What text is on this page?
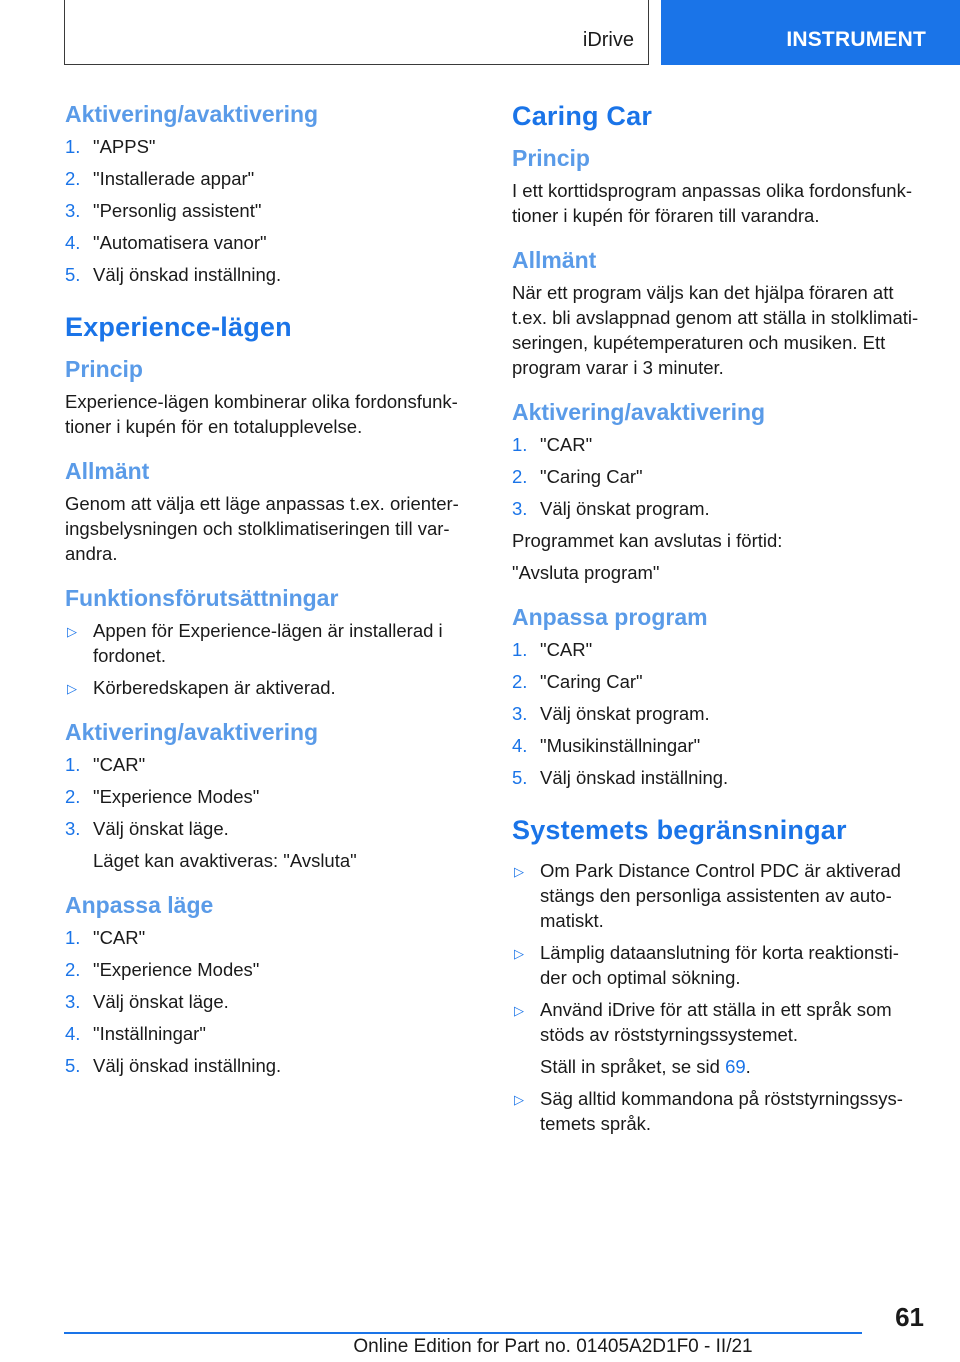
iDrive	INSTRUMENT
Aktivering/avaktivering
1. "APPS"
2. "Installerade appar"
3. "Personlig assistent"
4. "Automatisera vanor"
5. Välj önskad inställning.
Experience-lägen
Princip

Experience-lägen kombinerar olika fordonsfunk- tioner i kupén för en totalupplevelse.

Allmänt

Genom att välja ett läge anpassas t.ex. orienter- ingsbelysningen och stolklimatiseringen till var- andra.

Funktionsförutsättningar
▷ Appen för Experience-lägen är installerad i fordonet.
▷ Körberedskapen är aktiverad.
Aktivering/avaktivering
1. "CAR"
2. "Experience Modes"
3. Välj önskat läge.
Läget kan avaktiveras: "Avsluta"
Anpassa läge
1. "CAR"
2. "Experience Modes"
3. Välj önskat läge.
4. "Inställningar"
5. Välj önskad inställning.
Caring Car
Princip

I ett korttidsprogram anpassas olika fordonsfunk- tioner i kupén för föraren till varandra.

Allmänt

När ett program väljs kan det hjälpa föraren att t.ex. bli avslappnad genom att ställa in stolklimati- seringen, kupétemperaturen och musiken. Ett program varar i 3 minuter.

Aktivering/avaktivering
1. "CAR"
2. "Caring Car"
3. Välj önskat program.

Programmet kan avslutas i förtid:

"Avsluta program"

Anpassa program
1. "CAR"
2. "Caring Car"
3. Välj önskat program.
4. "Musikinställningar"
5. Välj önskad inställning.
Systemets begränsningar
▷ Om Park Distance Control PDC är aktiverad stängs den personliga assistenten av auto- matiskt.
▷ Lämplig dataanslutning för korta reaktionsti- der och optimal sökning.
▷ Använd iDrive för att ställa in ett språk som stöds av röststyrningssystemet.
Ställ in språket, se sid 69.
▷ Säg alltid kommandona på röststyrningssys- temets språk.
61
Online Edition for Part no. 01405A2D1F0 - II/21
